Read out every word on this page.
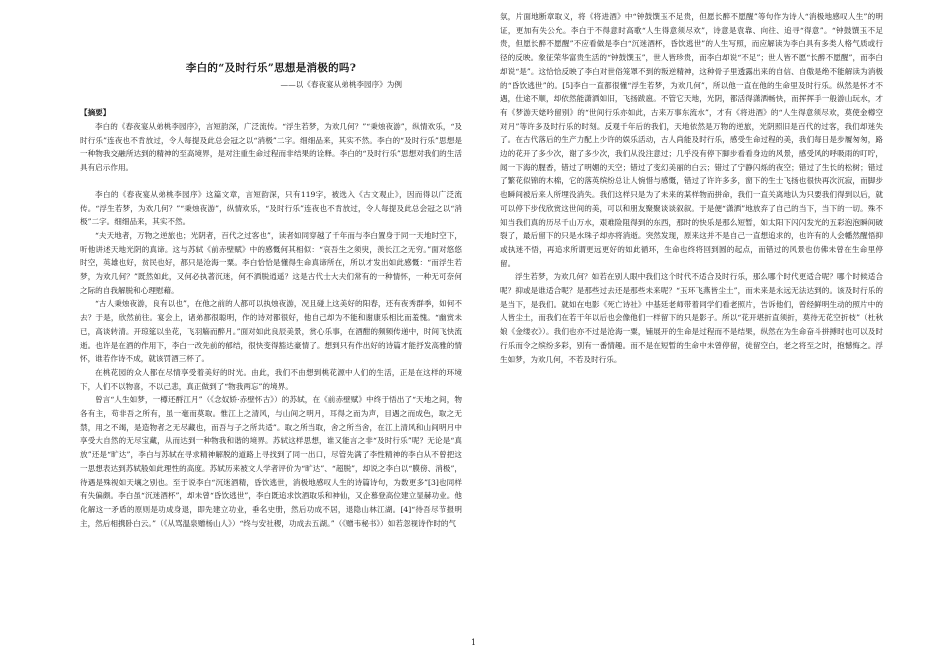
李白的“及时行乐”思想是消极的吗?
——以《春夜宴从弟桃李园序》为例
【摘要】

李白的《春夜宴从弟桃李园序》，言短韵深，广泛流传。“浮生若梦，为欢几何？”“秉烛夜游”，纵情欢乐，“及时行乐”连夜也不肯放过，令人每提及此总会冠之以“消极”二字。细细品来，其实不然。李白的“及时行乐”思想是一种物我交融所达到的精神的至高境界，是对注重生命过程而非结果的诠释。李白的“及时行乐”思想对我们的生活具有启示作用。

李白的《春夜宴从弟桃李园序》这篇文章，言短韵深，只有119字，被选入《古文观止》，因而得以广泛流传。“浮生若梦，为欢几何？”“秉烛夜游”，纵情欢乐，“及时行乐”连夜也不肯放过，令人每提及此总会冠之以“消极”二字。细细品来，其实不然。

“夫天地者，万物之逆旅也；光阴者，百代之过客也”，读者如同穿越了千年而与李白置身于同一天地时空下，听他讲述天地光阴的真谛。这与苏轼《前赤壁赋》中的感慨何其相似：“哀吾生之须臾，羡长江之无穷。”面对悠悠时空，英雄也好，贫民也好，都只是沧海一粟。李白恰恰是懂得生命真谛所在，所以才发出如此感慨：“而浮生若梦，为欢几何？”既然如此，又何必执著沉迷，何不洒脱逍遥？这是古代士大夫们常有的一种情怀，一种无可奈何之际的自我解脱和心理慰藉。

“古人秉烛夜游，良有以也”，在他之前的人都可以执烛夜游，况且碰上这美好的阳春，还有夜秀群季，如何不去？于是，欣然前往。宴会上，诸弟都很聪明，作的诗对都很好，他自己却为不能和谢康乐相比而羞愧。“幽赏未已，高谈转清。开琼筵以坐花，飞羽觞而醉月。”面对如此良辰美景，赏心乐事，在酒酣的频频传递中，时间飞快流逝。也许是在酒的作用下，李白一改先前的郁结，很快变得豁达豪情了。想到只有作出好的诗篇才能抒发高雅的情怀，谁若作诗不成，就该罚酒三杯了。

在桃花园的众人都在尽情享受着美好的时光。由此，我们不由想到桃花源中人们的生活，正是在这样的环境下，人们不以物喜，不以己悲，真正做到了“物我两忘”的境界。

曾言“人生如梦，一樽还酹江月”（《念奴娇·赤壁怀古》）的苏轼，在《前赤壁赋》中终于悟出了“天地之间，物各有主，苟非吾之所有，虽一毫而莫取。惟江上之清风，与山间之明月，耳得之而为声，目遇之而成色，取之无禁，用之不竭，是造物者之无尽藏也，而吾与子之所共适”。取之所当取，舍之所当舍，在江上清风和山间明月中享受大自然的无尽宝藏，从而达到一种物我和谐的境界。苏轼这样思想，谁又能言之非“及时行乐”呢？无论是“真放”还是“旷达”，李白与苏轼在寻求精神解脱的道路上寻找到了同一出口，尽管先满了李性精神的李白从不曾把这一思想表达到苏轼般如此理性的高度。苏轼历来被文人学者评价为“旷达”、“超脱”，却说之李白以“膜傍、消极”，待遇是殊视如天壤之别也。至于说李白“沉迷酒精，昏饮逃世，消极地感叹人生的诗篇诗句，为数更多”[3]也同样有失偏颇。李白虽“沉迷酒杯”，却未曾“昏饮逃世”，李白既追求饮酒取乐和神仙，又企慕登高位建立显赫功业。他化解这一矛盾的原则是功成身退，即先建立功业，垂名史册，然后功成不居，退隐山林江湖。[4]“待吾尽节报明主，然后相携卧白云。”（《从骂温泉赠杨山人》）“终与安社稷，功成去五湖。”（《赠韦秘书》）如若忽视诗作时的气

氛，片面地断章取义，将《将进酒》中“钟鼓馔玉不足贵，但愿长醉不愿醒”等句作为诗人“消极地感叹人生”的明证，更加有失公允。李白于不得意时高歌“人生得意须尽欢”，诗意是袁靠、向往、追寻“得意”。“钟鼓馔玉不足贵，但愿长醉不愿醒”不应看做是李白“沉迷酒杯，昏饮逃世”的人生写照，而应解读为李白具有多类人格气质或行径的反映。象征荣华富贵生活的“钟鼓馔玉”，世人皆珍贵，而李白却说“不足”；世人皆不愿“长醉不愿醒”，而李白却说“是”。这恰恰反映了李白对世俗笼罩不到的叛逆精神，这种骨子里透露出来的自信、自傲是绝不能解读为消极的“昏饮逃世”的。[5]李白一直都很懂“浮生若梦，为欢几何”，所以他一直在他的生命里及时行乐。纵然是怀才不遇，仕途不顺，却依然能潇洒如旧，飞扬跋扈。不管它天地，光阴，都活得潇洒畅快，而挥挥手一般游山玩水，才有《梦游天姥吟留别》的“世间行乐亦如此，古来万事东流水”，才有《将进酒》的“人生得意须尽欢，莫使金樽空对月”等许多及时行乐的时刻。反观千年后的我们，天地依然是万物的逆旅，光阴照旧是百代的过客，我们却迷失了。在古代落后的生产力配上少许的娱乐活动，古人尚能及时行乐，感受生命过程的美，我们每日是步履匆匆，路边的花开了多少次，谢了多少次，我们从没注意过；几乎没有停下脚步看看身边的风景，感受风的呼吸雨的叮咛，闻一下海的腥香，错过了明媚的天空；错过了变幻美丽的白云；错过了宁静闪烁的夜空；错过了生长的松树；错过了繁花似锦的木棉，它的落英缤纷总让人惋惜与感慨，错过了许许多多，窗下的生士飞扬也很快再次沉寂，而脚步也瞬间被后来人所埋没消失。我们这样只是为了未来的某样物而拼命，我们一直关离地认为只要我们得到以后，就可以停下步伐欣赏这世间的美，可以和朋友聚聚谈谈叙叙。于是便“潇洒”地放弃了自己的当下，当下的一切。殊不知当我们真的历尽千山万水，艰难险阻得到的东西，那时的快乐是那么短暂，如太阳下闪闪发光的五彩泡泡瞬间破裂了，最后留下的只是水珠子却亦将消逝。突然发现，原来这并不是自己一直想追求的，也许有的人会幡然醒悟抑或执迷不悟，再追求所谓更远更好的如此循环，生命也终将回到圆的起点，而错过的风景也仿佛未曾在生命里停留。

浮生若梦，为欢几何？如若在别人眼中我们这个时代不适合及时行乐，那么哪个时代更适合呢？哪个时候适合呢？抑或是谁适合呢？是那些过去还是那些未来呢？“玉环飞燕皆尘土”，而未来是永远无法达到的。该及时行乐的是当下，是我们。就如在电影《死亡诗社》中基廷老师带着同学们看老照片，告诉他们，曾经鲜明生动的照片中的人皆尘土，而我们在若干年以后也会像他们一样留下的只是影子。所以“花开堪折直须折，莫待无花空折枝”（杜秋娘《金缕衣》）。我们也亦不过是沧海一粟，铺展开的生命是过程而不是结果，纵然在为生命奋斗拼搏时也可以及时行乐而令之缤纷多彩，别有一番情趣。而不是在短暂的生命中未曾停留，徒留空白，老之将至之时，抱憾悔之。浮生如梦，为欢几何，不若及时行乐。

1
